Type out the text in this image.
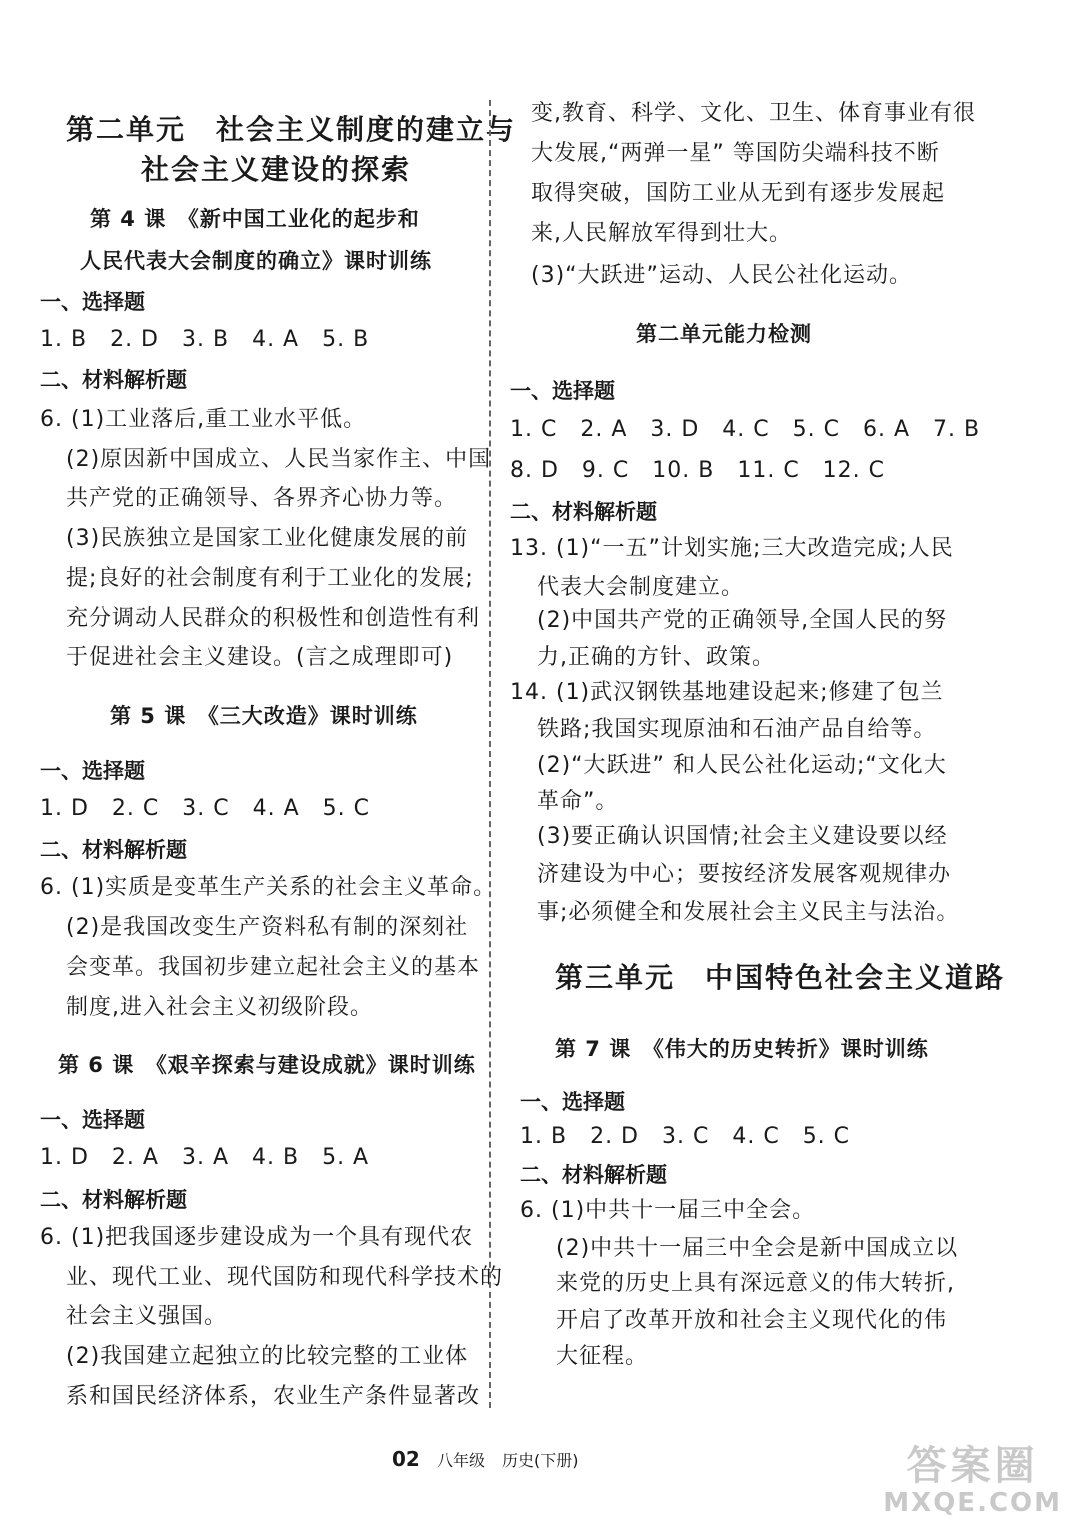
第二单元　社会主义制度的建立与
社会主义建设的探索
第 4 课　《新中国工业化的起步和
人民代表大会制度的确立》课时训练
一、选择题
1. B　2. D　3. B　4. A　5. B
二、材料解析题
6. (1)工业落后,重工业水平低。
(2)原因新中国成立、人民当家作主、中国
共产党的正确领导、各界齐心协力等。
(3)民族独立是国家工业化健康发展的前
提;良好的社会制度有利于工业化的发展;
充分调动人民群众的积极性和创造性有利
于促进社会主义建设。(言之成理即可)
第 5 课　《三大改造》课时训练
一、选择题
1. D　2. C　3. C　4. A　5. C
二、材料解析题
6. (1)实质是变革生产关系的社会主义革命。
(2)是我国改变生产资料私有制的深刻社
会变革。我国初步建立起社会主义的基本
制度,进入社会主义初级阶段。
第 6 课　《艰辛探索与建设成就》课时训练
一、选择题
1. D　2. A　3. A　4. B　5. A
二、材料解析题
6. (1)把我国逐步建设成为一个具有现代农
业、现代工业、现代国防和现代科学技术的
社会主义强国。
(2)我国建立起独立的比较完整的工业体
系和国民经济体系，农业生产条件显著改
变,教育、科学、文化、卫生、体育事业有很
大发展,“两弹一星” 等国防尖端科技不断
取得突破，国防工业从无到有逐步发展起
来,人民解放军得到壮大。
(3)“大跃进”运动、人民公社化运动。
第二单元能力检测
一、选择题
1. C　2. A　3. D　4. C　5. C　6. A　7. B
8. D　9. C　10. B　11. C　12. C
二、材料解析题
13. (1)“一五”计划实施;三大改造完成;人民
代表大会制度建立。
(2)中国共产党的正确领导,全国人民的努
力,正确的方针、政策。
14. (1)武汉钢铁基地建设起来;修建了包兰
铁路;我国实现原油和石油产品自给等。
(2)“大跃进” 和人民公社化运动;“文化大
革命”。
(3)要正确认识国情;社会主义建设要以经
济建设为中心；要按经济发展客观规律办
事;必须健全和发展社会主义民主与法治。
第三单元　中国特色社会主义道路
第 7 课　《伟大的历史转折》课时训练
一、选择题
1. B　2. D　3. C　4. C　5. C
二、材料解析题
6. (1)中共十一届三中全会。
(2)中共十一届三中全会是新中国成立以
来党的历史上具有深远意义的伟大转折,
开启了改革开放和社会主义现代化的伟
大征程。
02 八年级 历史(下册)	答案圈
MXQE.COM
